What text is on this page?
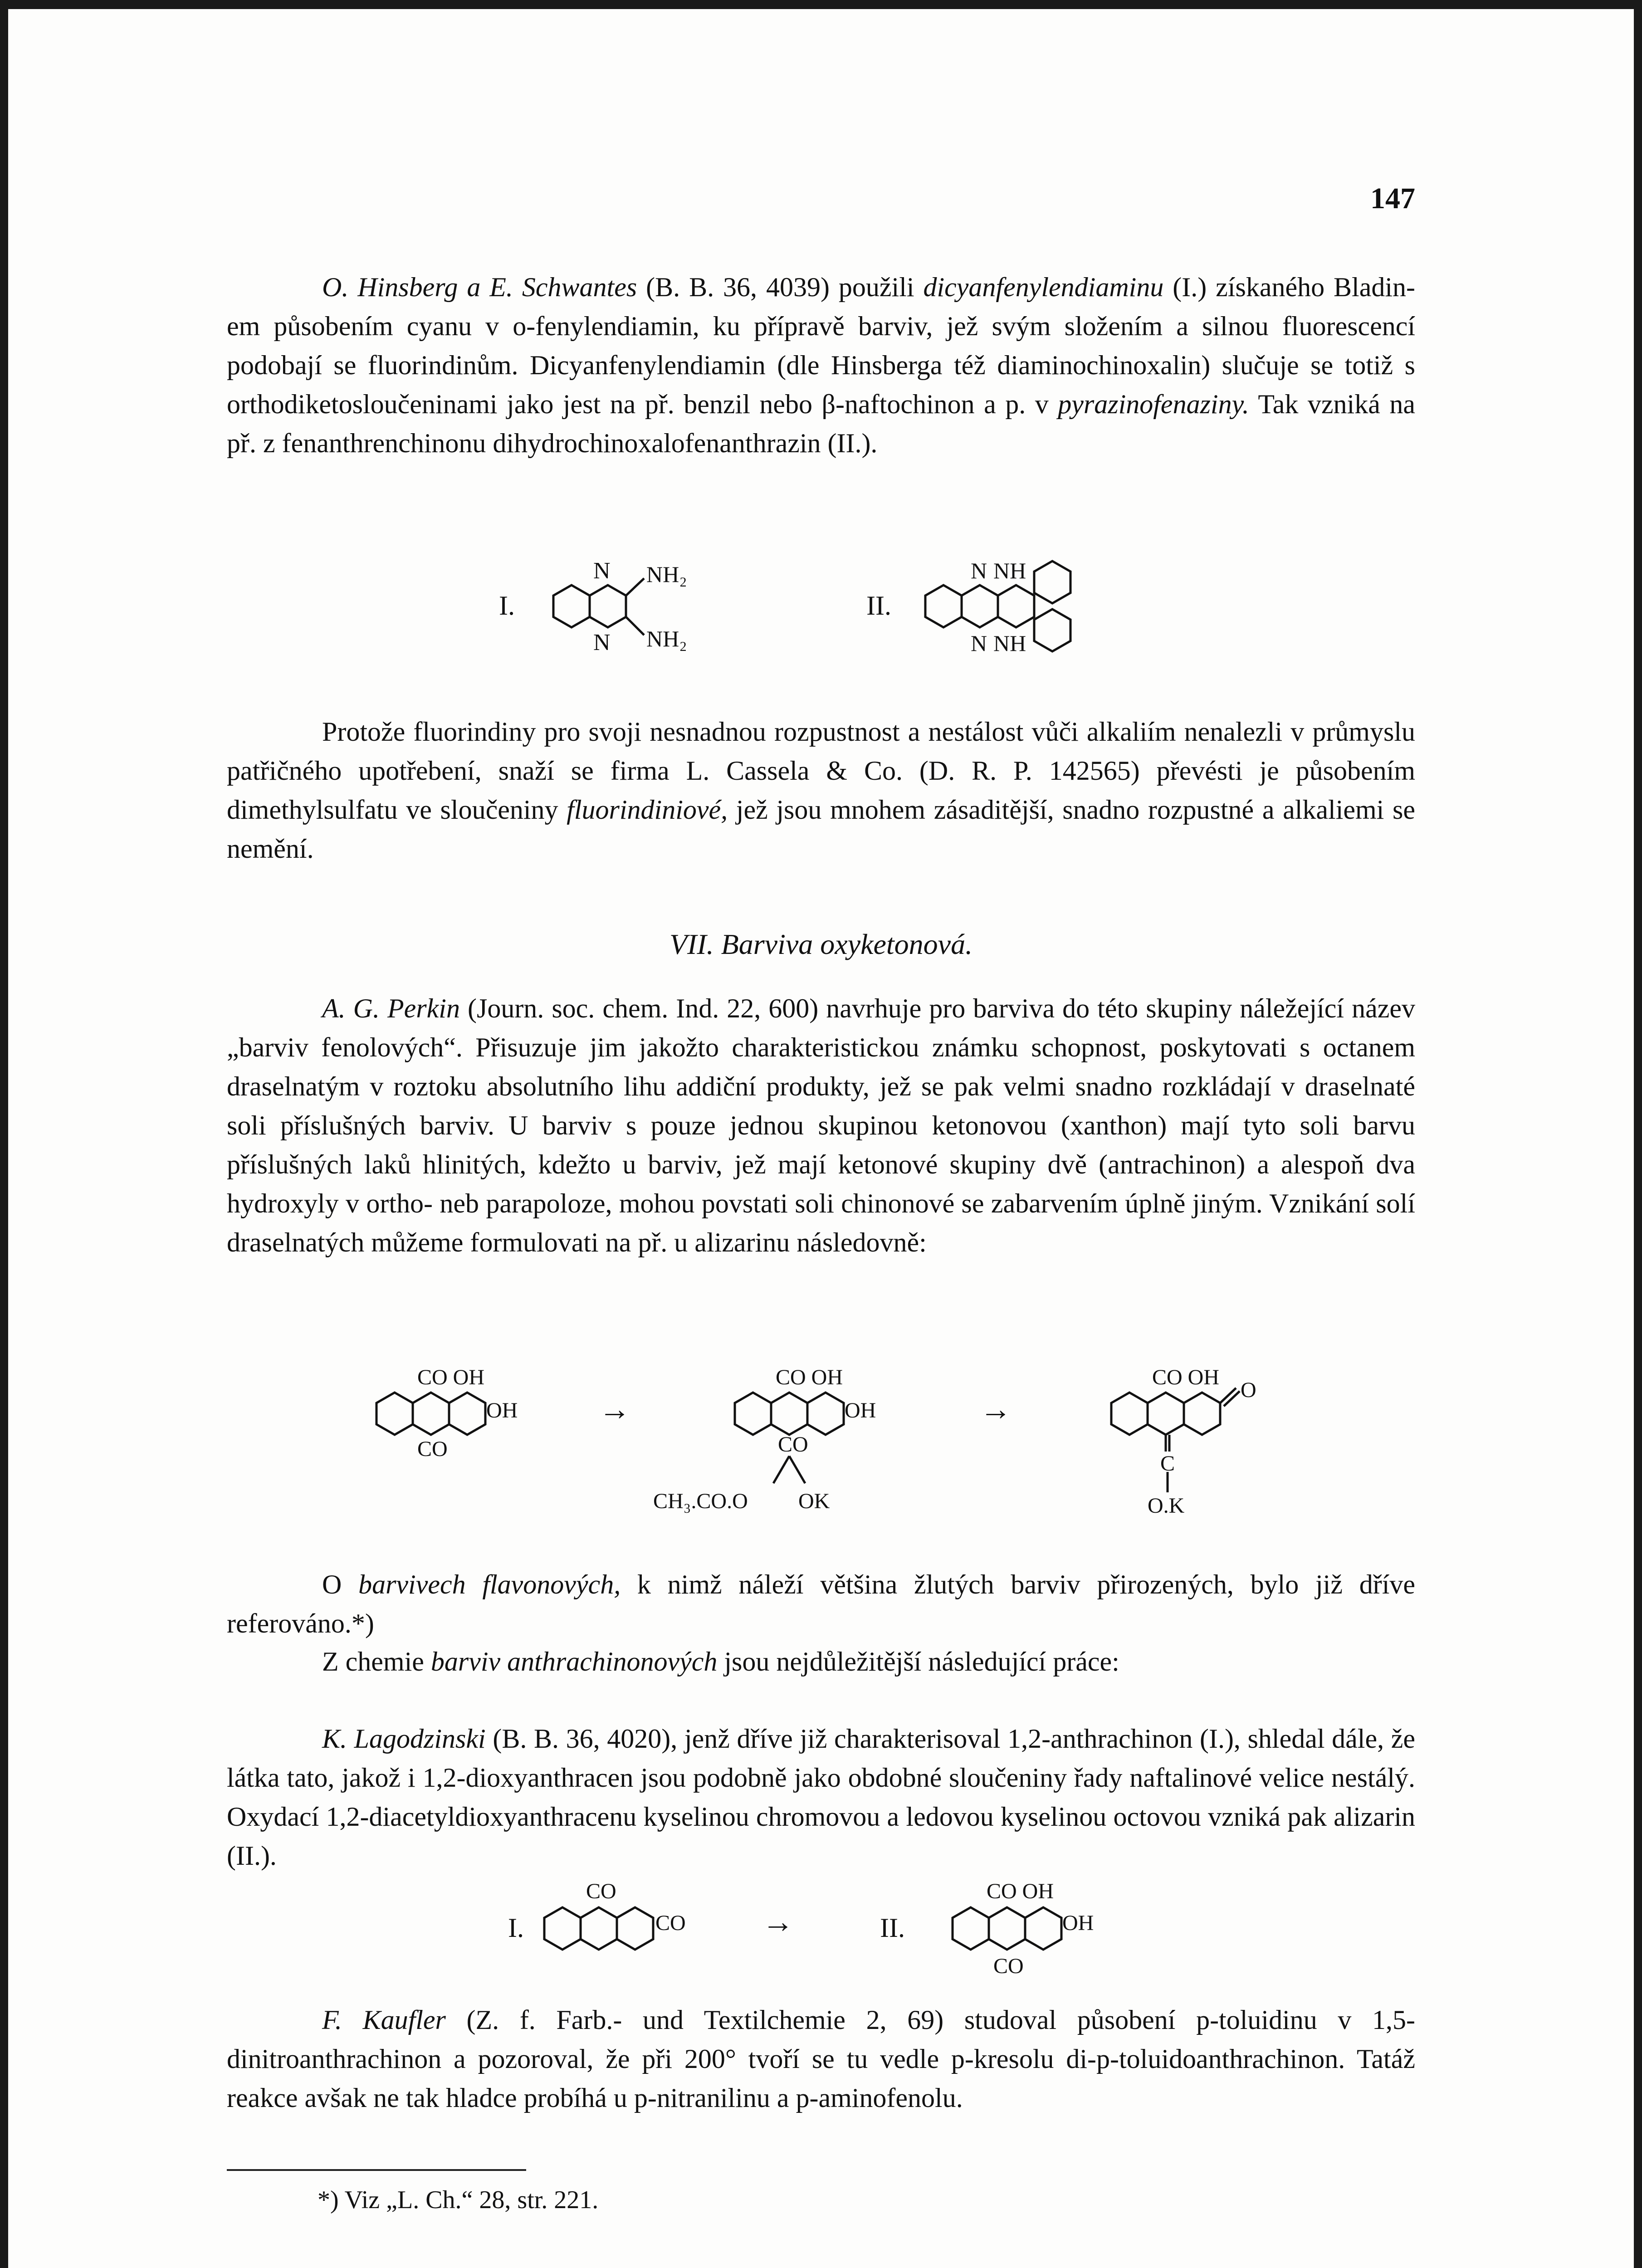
147

O. Hinsberg a E. Schwantes (B. B. 36, 4039) použili dicyanfenylendiaminu (I.) získaného Bladin-em působením cyanu v o-fenylendiamin, ku přípravě barviv, jež svým složením a silnou fluorescencí podobají se fluorindinům. Dicyanfenylendiamin (dle Hinsberga též diaminochinoxalin) slučuje se totiž s orthodiketosloučeninami jako jest na př. benzil nebo β-naftochinon a p. v pyrazinofenaziny. Tak vzniká na př. z fenanthrenchinonu dihydrochinoxalofenanthrazin (II.).

I.
N
N
NH₂
NH₂
II.
N NH
N NH

Protože fluorindiny pro svoji nesnadnou rozpustnost a nestálost vůči alkaliím nenalezli v průmyslu patřičného upotřebení, snaží se firma L. Cassela & Co. (D. R. P. 142565) převésti je působením dimethylsulfatu ve sloučeniny fluorindiniové, jež jsou mnohem zásaditější, snadno rozpustné a alkaliemi se nemění.

VII. Barviva oxyketonová.

A. G. Perkin (Journ. soc. chem. Ind. 22, 600) navrhuje pro barviva do této skupiny náležející název „barviv fenolových“. Přisuzuje jim jakožto charakteristickou známku schopnost, poskytovati s octanem draselnatým v roztoku absolutního lihu addiční produkty, jež se pak velmi snadno rozkládají v draselnaté soli příslušných barviv. U barviv s pouze jednou skupinou ketonovou (xanthon) mají tyto soli barvu příslušných laků hlinitých, kdežto u barviv, jež mají ketonové skupiny dvě (antrachinon) a alespoň dva hydroxyly v ortho- neb parapoloze, mohou povstati soli chinonové se zabarvením úplně jiným. Vznikání solí draselnatých můžeme formulovati na př. u alizarinu následovně:

CO OH
OH
CO
→
CO OH
OH
CO
CH₃.CO.O OK
→
CO OH
O
C
O.K

O barvivech flavonových, k nimž náleží většina žlutých barviv přirozených, bylo již dříve referováno.*)

Z chemie barviv anthrachinonových jsou nejdůležitější následující práce:

K. Lagodzinski (B. B. 36, 4020), jenž dříve již charakterisoval 1,2-anthrachinon (I.), shledal dále, že látka tato, jakož i 1,2-dioxyanthracen jsou podobně jako obdobné sloučeniny řady naftalinové velice nestálý. Oxydací 1,2-diacetyldioxyanthracenu kyselinou chromovou a ledovou kyselinou octovou vzniká pak alizarin (II.).

I.
CO
CO →	II.
CO OH
OH
CO

F. Kaufler (Z. f. Farb.- und Textilchemie 2, 69) studoval působení p-toluidinu v 1,5-dinitroanthrachinon a pozoroval, že při 200° tvoří se tu vedle p-kresolu di-p-toluidoanthrachinon. Tatáž reakce avšak ne tak hladce probíhá u p-nitranilinu a p-aminofenolu.

*) Viz „L. Ch.“ 28, str. 221.
